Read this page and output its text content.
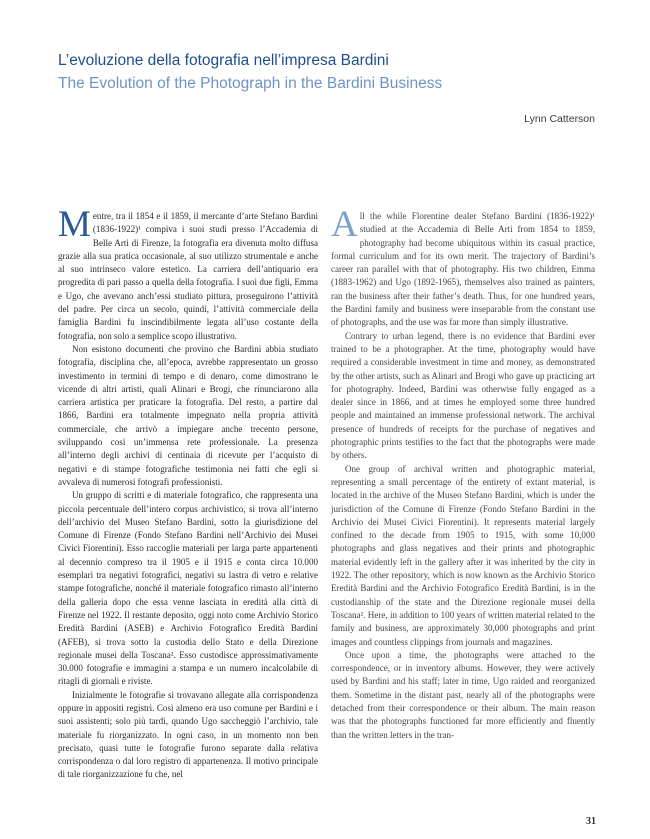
L’evoluzione della fotografia nell’impresa Bardini
The Evolution of the Photograph in the Bardini Business
Lynn Catterson

Mentre, tra il 1854 e il 1859, il mercante d’arte Stefano Bardini (1836-1922)¹ compiva i suoi studi presso l’Accademia di Belle Arti di Firenze, la fotografia era divenuta molto diffusa grazie alla sua pratica occasionale, al suo utilizzo strumentale e anche al suo intrinseco valore estetico. La carriera dell’antiquario era progredita di pari passo a quella della fotografia. I suoi due figli, Emma e Ugo, che avevano anch’essi studiato pittura, proseguirono l’attività del padre. Per circa un secolo, quindi, l’attività commerciale della famiglia Bardini fu inscindibilmente legata all’uso costante della fotografia, non solo a semplice scopo illustrativo.

Non esistono documenti che provino che Bardini abbia studiato fotografia, disciplina che, all’epoca, avrebbe rappresentato un grosso investimento in termini di tempo e di denaro, come dimostrano le vicende di altri artisti, quali Alinari e Brogi, che rinunciarono alla carriera artistica per praticare la fotografia. Del resto, a partire dal 1866, Bardini era totalmente impegnato nella propria attività commerciale, che arrivò a impiegare anche trecento persone, sviluppando così un’immensa rete professionale. La presenza all’interno degli archivi di centinaia di ricevute per l’acquisto di negativi e di stampe fotografiche testimonia nei fatti che egli si avvaleva di numerosi fotografi professionisti.

Un gruppo di scritti e di materiale fotografico, che rappresenta una piccola percentuale dell’intero corpus archivistico, si trova all’interno dell’archivio del Museo Stefano Bardini, sotto la giurisdizione del Comune di Firenze (Fondo Stefano Bardini nell’Archivio dei Musei Civici Fiorentini). Esso raccoglie materiali per larga parte appartenenti al decennio compreso tra il 1905 e il 1915 e conta circa 10.000 esemplari tra negativi fotografici, negativi su lastra di vetro e relative stampe fotografiche, nonché il materiale fotografico rimasto all’interno della galleria dopo che essa venne lasciata in eredità alla città di Firenze nel 1922. Il restante deposito, oggi noto come Archivio Storico Eredità Bardini (ASEB) e Archivio Fotografico Eredità Bardini (AFEB), si trova sotto la custodia dello Stato e della Direzione regionale musei della Toscana². Esso custodisce approssimativamente 30.000 fotografie e immagini a stampa e un numero incalcolabile di ritagli di giornali e riviste.

Inizialmente le fotografie si trovavano allegate alla corrispondenza oppure in appositi registri. Così almeno era uso comune per Bardini e i suoi assistenti; solo più tardi, quando Ugo saccheggiò l’archivio, tale materiale fu riorganizzato. In ogni caso, in un momento non ben precisato, quasi tutte le fotografie furono separate dalla relativa corrispondenza o dal loro registro di appartenenza. Il motivo principale di tale riorganizzazione fu che, nel

All the while Florentine dealer Stefano Bardini (1836-1922)¹ studied at the Accademia di Belle Arti from 1854 to 1859, photography had become ubiquitous within its casual practice, formal curriculum and for its own merit. The trajectory of Bardini’s career ran parallel with that of photography. His two children, Emma (1883-1962) and Ugo (1892-1965), themselves also trained as painters, ran the business after their father’s death. Thus, for one hundred years, the Bardini family and business were inseparable from the constant use of photographs, and the use was far more than simply illustrative.

Contrary to urban legend, there is no evidence that Bardini ever trained to be a photographer. At the time, photography would have required a considerable investment in time and money, as demonstrated by the other artists, such as Alinari and Brogi who gave up practicing art for photography. Indeed, Bardini was otherwise fully engaged as a dealer since in 1866, and at times he employed some three hundred people and maintained an immense professional network. The archival presence of hundreds of receipts for the purchase of negatives and photographic prints testifies to the fact that the photographs were made by others.

One group of archival written and photographic material, representing a small percentage of the entirety of extant material, is located in the archive of the Museo Stefano Bardini, which is under the jurisdiction of the Comune di Firenze (Fondo Stefano Bardini in the Archivio dei Musei Civici Fiorentini). It represents material largely confined to the decade from 1905 to 1915, with some 10,000 photographs and glass negatives and their prints and photographic material evidently left in the gallery after it was inherited by the city in 1922. The other repository, which is now known as the Archivio Storico Eredità Bardini and the Archivio Fotografico Eredità Bardini, is in the custodianship of the state and the Direzione regionale musei della Toscana². Here, in addition to 100 years of written material related to the family and business, are approximately 30,000 photographs and print images and countless clippings from journals and magazines.

Once upon a time, the photographs were attached to the correspondence, or in inventory albums. However, they were actively used by Bardini and his staff; later in time, Ugo raided and reorganized them. Sometime in the distant past, nearly all of the photographs were detached from their correspondence or their album. The main reason was that the photographs functioned far more efficiently and fluently than the written letters in the tran-

31
